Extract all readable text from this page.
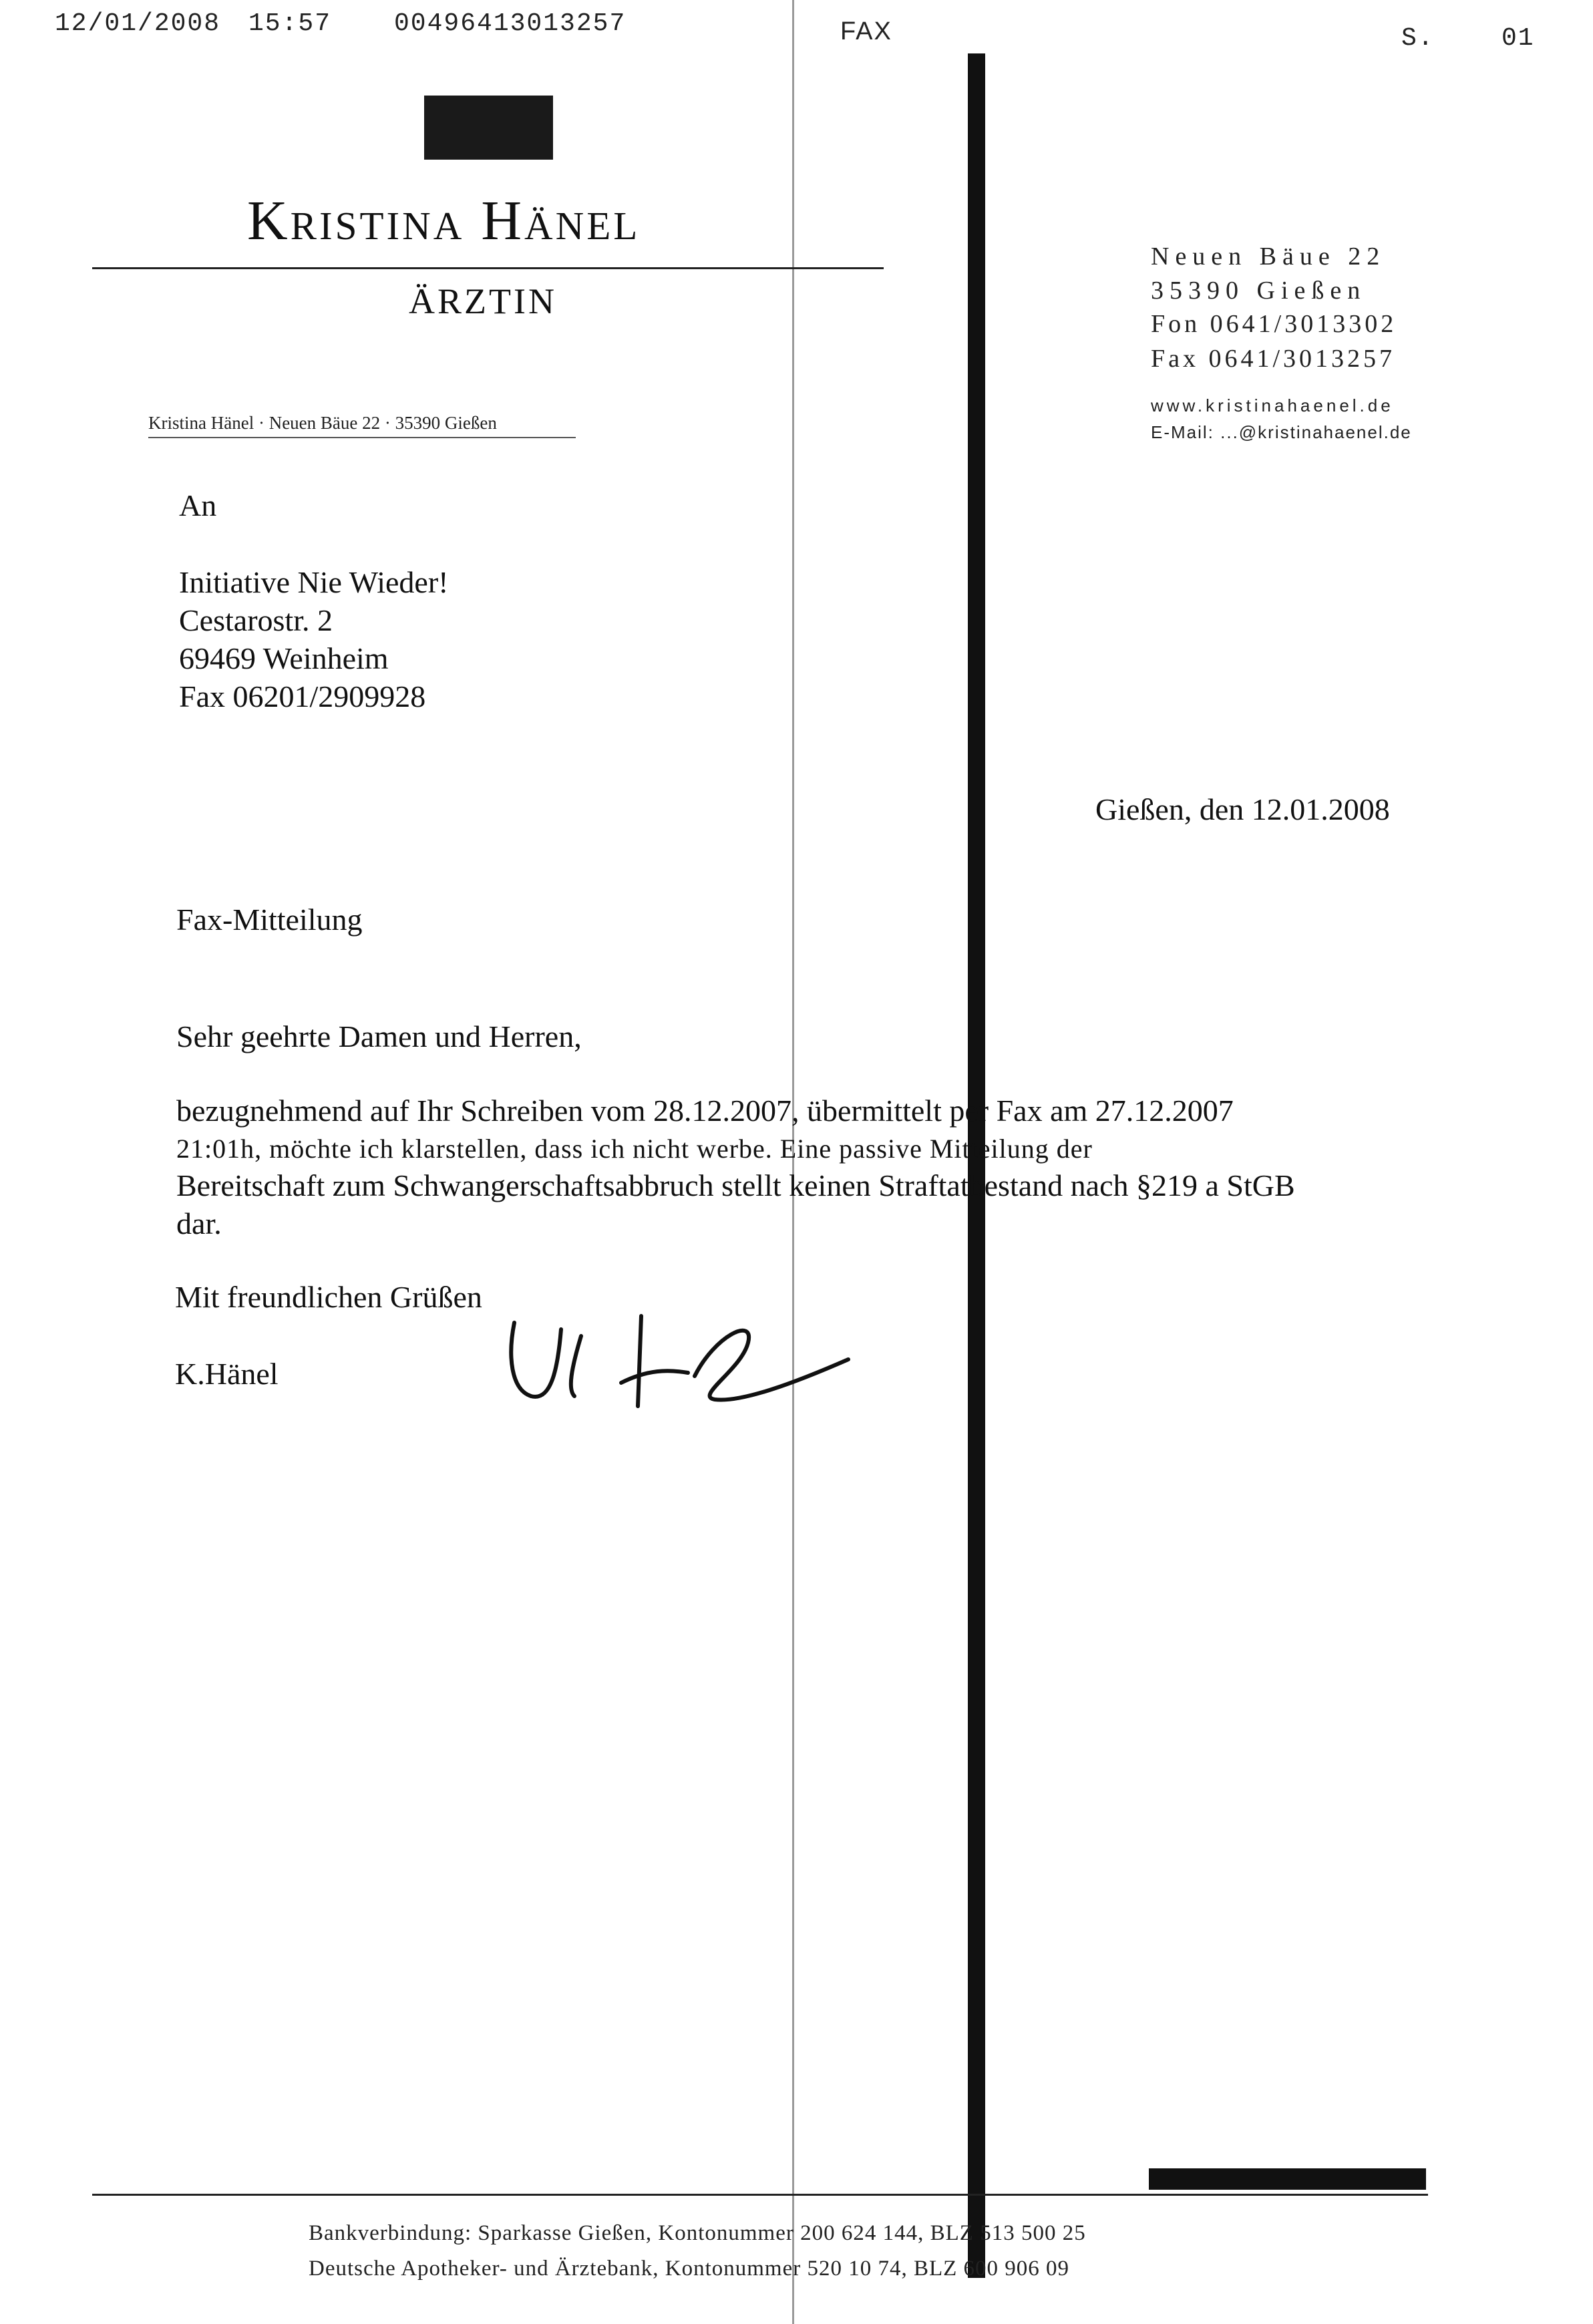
12/01/2008 15:57 00496413013257	FAX	S.	01
Kristina Hänel
ÄRZTIN
Neuen Bäue 22
35390 Gießen
Fon 0641/3013302
Fax 0641/3013257
www.kristinahaenel.de
E-Mail: ...@kristinahaenel.de
Kristina Hänel · Neuen Bäue 22 · 35390 Gießen
An
Initiative Nie Wieder!
Cestarostr. 2
69469 Weinheim
Fax 06201/2909928
Gießen, den 12.01.2008
Fax-Mitteilung
Sehr geehrte Damen und Herren,
bezugnehmend auf Ihr Schreiben vom 28.12.2007, übermittelt per Fax am 27.12.2007
21:01h, möchte ich klarstellen, dass ich nicht werbe. Eine passive Mitteilung der
Bereitschaft zum Schwangerschaftsabbruch stellt keinen Straftatbestand nach §219 a StGB
dar.
Mit freundlichen Grüßen
K.Hänel
Bankverbindung: Sparkasse Gießen, Kontonummer 200 624 144, BLZ 513 500 25
Deutsche Apotheker- und Ärztebank, Kontonummer 520 10 74, BLZ 600 906 09
